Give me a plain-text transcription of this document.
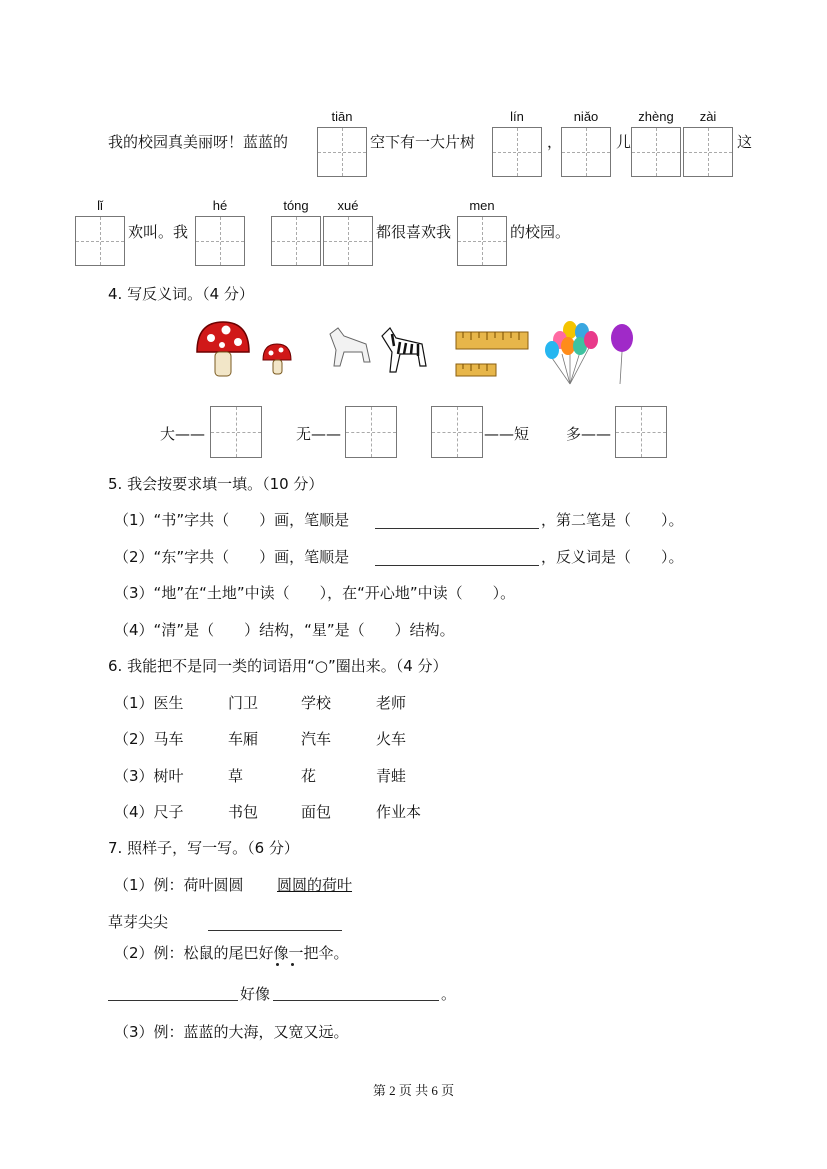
我的校园真美丽呀！蓝蓝的
tiān
空下有一大片树
lín
，
niǎo
儿
zhèng	zài
这
lǐ
欢叫。我
hé	tóng	xué
都很喜欢我
men
的校园。
4. 写反义词。（4 分）
大——	无——	——短 多——
5. 我会按要求填一填。（10 分）
（1）“书”字共（　　）画，笔顺是	，第二笔是（　　）。
（2）“东”字共（　　）画，笔顺是	，反义词是（　　）。
（3）“地”在“土地”中读（　　），在“开心地”中读（　　）。
（4）“清”是（　　）结构，“星”是（　　）结构。
6. 我能把不是同一类的词语用“○”圈出来。（4 分）
（1）医生	门卫	学校	老师
（2）马车	车厢	汽车	火车
（3）树叶	草	花	青蛙
（4）尺子	书包	面包	作业本
7. 照样子，写一写。（6 分）
（1）例：荷叶圆圆 圆圆的荷叶
草芽尖尖
（2）例：松鼠的尾巴好像一把伞。
好像	。
（3）例：蓝蓝的大海，又宽又远。
第 2 页 共 6 页
